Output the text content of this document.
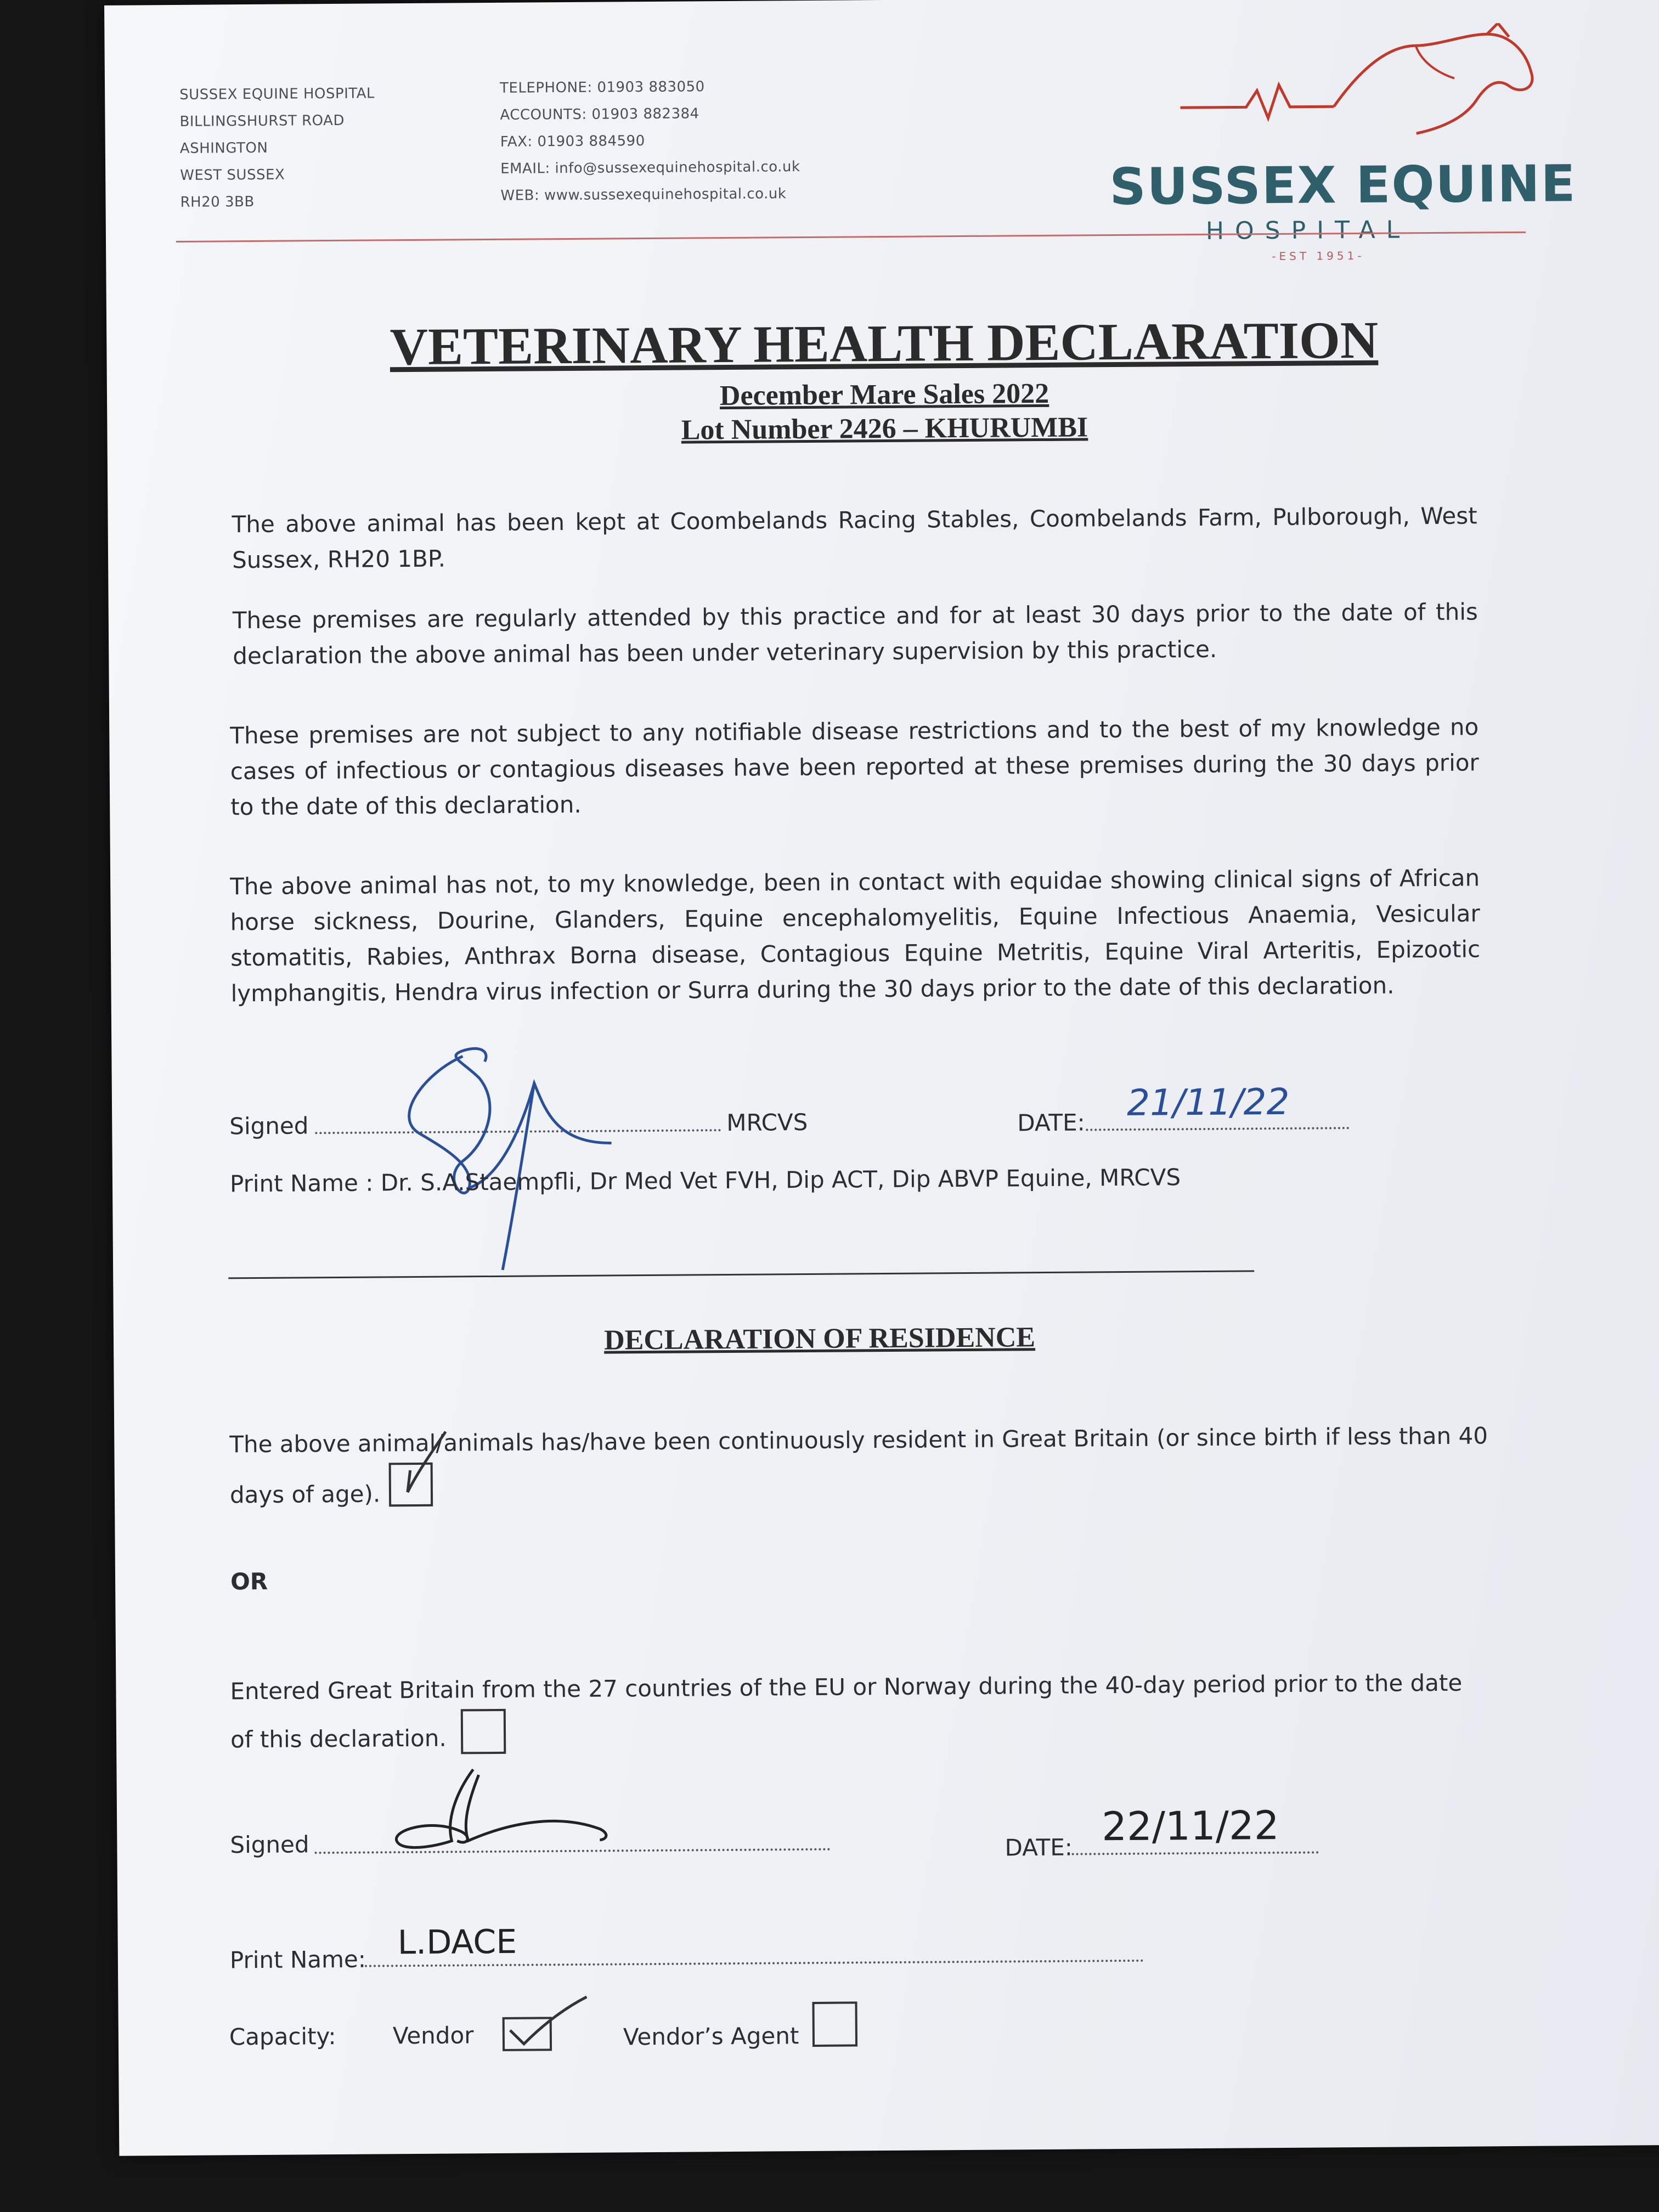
SUSSEX EQUINE HOSPITAL
BILLINGSHURST ROAD
ASHINGTON
WEST SUSSEX
RH20 3BB
TELEPHONE: 01903 883050
ACCOUNTS: 01903 882384
FAX: 01903 884590
EMAIL: info@sussexequinehospital.co.uk
WEB: www.sussexequinehospital.co.uk	SUSSEX EQUINE
HOSPITAL
-EST 1951-
VETERINARY HEALTH DECLARATION
December Mare Sales 2022
Lot Number 2426 – KHURUMBI

The above animal has been kept at Coombelands Racing Stables, Coombelands Farm, Pulborough, West Sussex, RH20 1BP.

These premises are regularly attended by this practice and for at least 30 days prior to the date of this declaration the above animal has been under veterinary supervision by this practice.

These premises are not subject to any notifiable disease restrictions and to the best of my knowledge no cases of infectious or contagious diseases have been reported at these premises during the 30 days prior to the date of this declaration.

The above animal has not, to my knowledge, been in contact with equidae showing clinical signs of African horse sickness, Dourine, Glanders, Equine encephalomyelitis, Equine Infectious Anaemia, Vesicular stomatitis, Rabies, Anthrax Borna disease, Contagious Equine Metritis, Equine Viral Arteritis, Epizootic lymphangitis, Hendra virus infection or Surra during the 30 days prior to the date of this declaration.

Signed	MRCVS	DATE: 21/11/22
Print Name : Dr. S.A.Staempfli, Dr Med Vet FVH, Dip ACT, Dip ABVP Equine, MRCVS
DECLARATION OF RESIDENCE
The above animal/animals has/have been continuously resident in Great Britain (or since birth if less than 40
days of age).
OR
Entered Great Britain from the 27 countries of the EU or Norway during the 40-day period prior to the date
of this declaration.
Signed	DATE: 22/11/22
Print Name: L.DACE
Capacity: Vendor	Vendor’s Agent
